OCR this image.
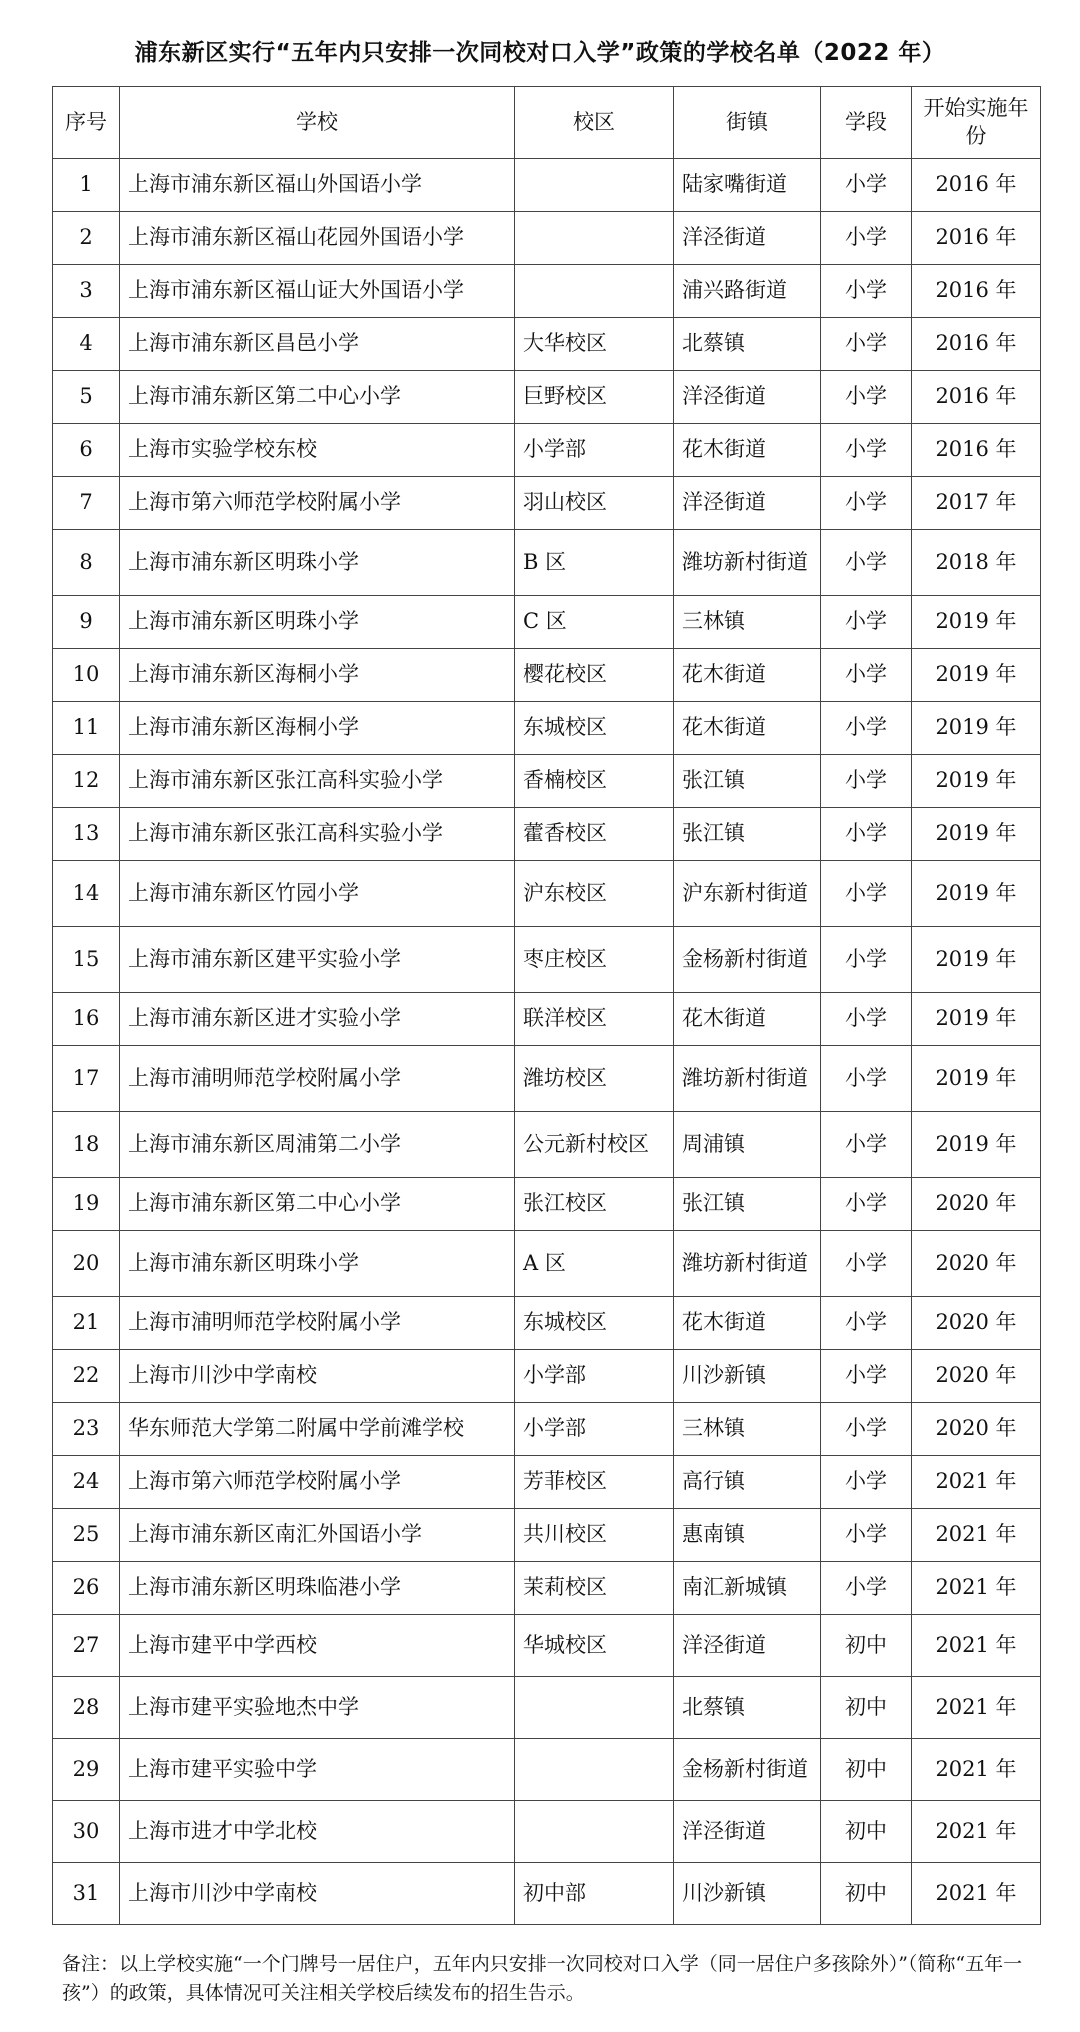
浦东新区实行“五年内只安排一次同校对口入学”政策的学校名单（2022 年）
序号	学校	校区	街镇	学段	开始实施年份
1	上海市浦东新区福山外国语小学		陆家嘴街道	小学	2016 年
2	上海市浦东新区福山花园外国语小学		洋泾街道	小学	2016 年
3	上海市浦东新区福山证大外国语小学		浦兴路街道	小学	2016 年
4	上海市浦东新区昌邑小学	大华校区	北蔡镇	小学	2016 年
5	上海市浦东新区第二中心小学	巨野校区	洋泾街道	小学	2016 年
6	上海市实验学校东校	小学部	花木街道	小学	2016 年
7	上海市第六师范学校附属小学	羽山校区	洋泾街道	小学	2017 年
8	上海市浦东新区明珠小学	B 区	潍坊新村街道	小学	2018 年
9	上海市浦东新区明珠小学	C 区	三林镇	小学	2019 年
10	上海市浦东新区海桐小学	樱花校区	花木街道	小学	2019 年
11	上海市浦东新区海桐小学	东城校区	花木街道	小学	2019 年
12	上海市浦东新区张江高科实验小学	香楠校区	张江镇	小学	2019 年
13	上海市浦东新区张江高科实验小学	藿香校区	张江镇	小学	2019 年
14	上海市浦东新区竹园小学	沪东校区	沪东新村街道	小学	2019 年
15	上海市浦东新区建平实验小学	枣庄校区	金杨新村街道	小学	2019 年
16	上海市浦东新区进才实验小学	联洋校区	花木街道	小学	2019 年
17	上海市浦明师范学校附属小学	潍坊校区	潍坊新村街道	小学	2019 年
18	上海市浦东新区周浦第二小学	公元新村校区	周浦镇	小学	2019 年
19	上海市浦东新区第二中心小学	张江校区	张江镇	小学	2020 年
20	上海市浦东新区明珠小学	A 区	潍坊新村街道	小学	2020 年
21	上海市浦明师范学校附属小学	东城校区	花木街道	小学	2020 年
22	上海市川沙中学南校	小学部	川沙新镇	小学	2020 年
23	华东师范大学第二附属中学前滩学校	小学部	三林镇	小学	2020 年
24	上海市第六师范学校附属小学	芳菲校区	高行镇	小学	2021 年
25	上海市浦东新区南汇外国语小学	共川校区	惠南镇	小学	2021 年
26	上海市浦东新区明珠临港小学	茉莉校区	南汇新城镇	小学	2021 年
27	上海市建平中学西校	华城校区	洋泾街道	初中	2021 年
28	上海市建平实验地杰中学		北蔡镇	初中	2021 年
29	上海市建平实验中学		金杨新村街道	初中	2021 年
30	上海市进才中学北校		洋泾街道	初中	2021 年
31	上海市川沙中学南校	初中部	川沙新镇	初中	2021 年
备注：以上学校实施“一个门牌号一居住户，五年内只安排一次同校对口入学（同一居住户多孩除外）”（简称“五年一孩”）的政策，具体情况可关注相关学校后续发布的招生告示。
